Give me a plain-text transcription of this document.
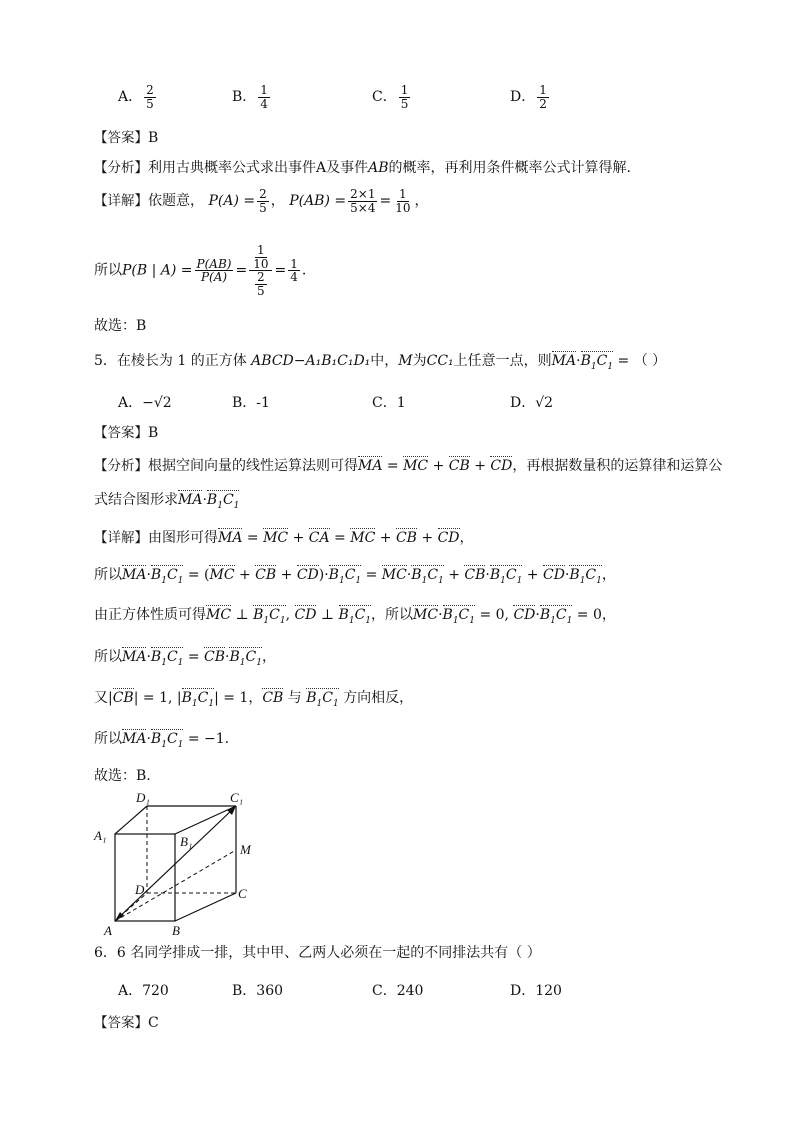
A． $\frac{2}{5}$	B． $\frac{1}{4}$	C． $\frac{1}{5}$	D． $\frac{1}{2}$
【答案】B
【分析】利用古典概率公式求出事件A及事件AB的概率，再利用条件概率公式计算得解.
【详解】依题意， $P(A) = \frac{2}{5}$ ， $P(AB) = \frac{2\times 1}{5\times 4} = \frac{1}{10}$ ，
所以P(B | $A) = \frac{P(AB)}{P(A)} = \frac{\frac{1}{10}}{\frac{2}{5}} = \frac{1}{4}$ .
故选：B
5．在棱长为 1 的正方体 ABCD−A₁B₁C₁D₁中，M为CC₁上任意一点，则$MA\cdot B_1C_1$ = （ ）
A．−√2	B．-1	C．1	D．√2
【答案】B
【分析】根据空间向量的线性运算法则可得MA = MC + CB + CD，再根据数量积的运算律和运算公
式结合图形求$MA\cdot B_1C_1$
【详解】由图形可得MA = MC + CA = MC + CB + CD，
所以$MA\cdot B_1C_1 = (MC$ + CB + $CD)\cdot B_1C_1 = MC\cdot B_1C_1 + CB\cdot B_1C_1 + CD\cdot B_1C_1$，
由正方体性质可得MC ⊥ $B_1C_1$, CD ⊥ $B_1C_1$，所以$MC\cdot B_1C_1 = 0$, $CD\cdot B_1C_1 = 0$，
所以$MA\cdot B_1C_1 = CB\cdot B_1C_1$，
又|CB| = 1, $|B_1C_1| = 1$，CB 与 $B_1C_1$ 方向相反，
所以$MA\cdot B_1C_1 = -1$.
故选：B.
D₁	C₁
A₁	B₁
M
D	C
A	B
6．6 名同学排成一排，其中甲、乙两人必须在一起的不同排法共有（ ）
A．720	B．360	C．240	D．120
【答案】C
